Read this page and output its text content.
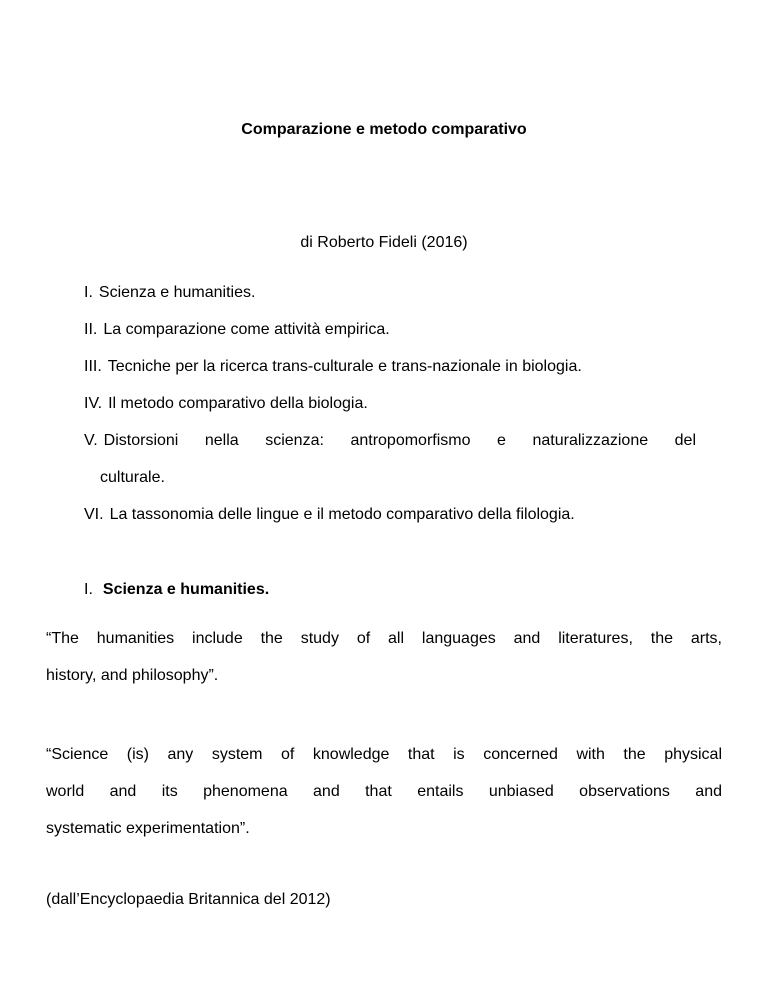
Comparazione e metodo comparativo
di Roberto Fideli (2016)
I. Scienza e humanities.
II. La comparazione come attività empirica.
III. Tecniche per la ricerca trans-culturale e trans-nazionale in biologia.
IV. Il metodo comparativo della biologia.
V. Distorsioni nella scienza: antropomorfismo e naturalizzazione del
culturale.
VI. La tassonomia delle lingue e il metodo comparativo della filologia.
I. Scienza e humanities.
“The humanities include the study of all languages and literatures, the arts,
history, and philosophy”.
“Science (is) any system of knowledge that is concerned with the physical
world and its phenomena and that entails unbiased observations and
systematic experimentation”.
(dall’Encyclopaedia Britannica del 2012)
